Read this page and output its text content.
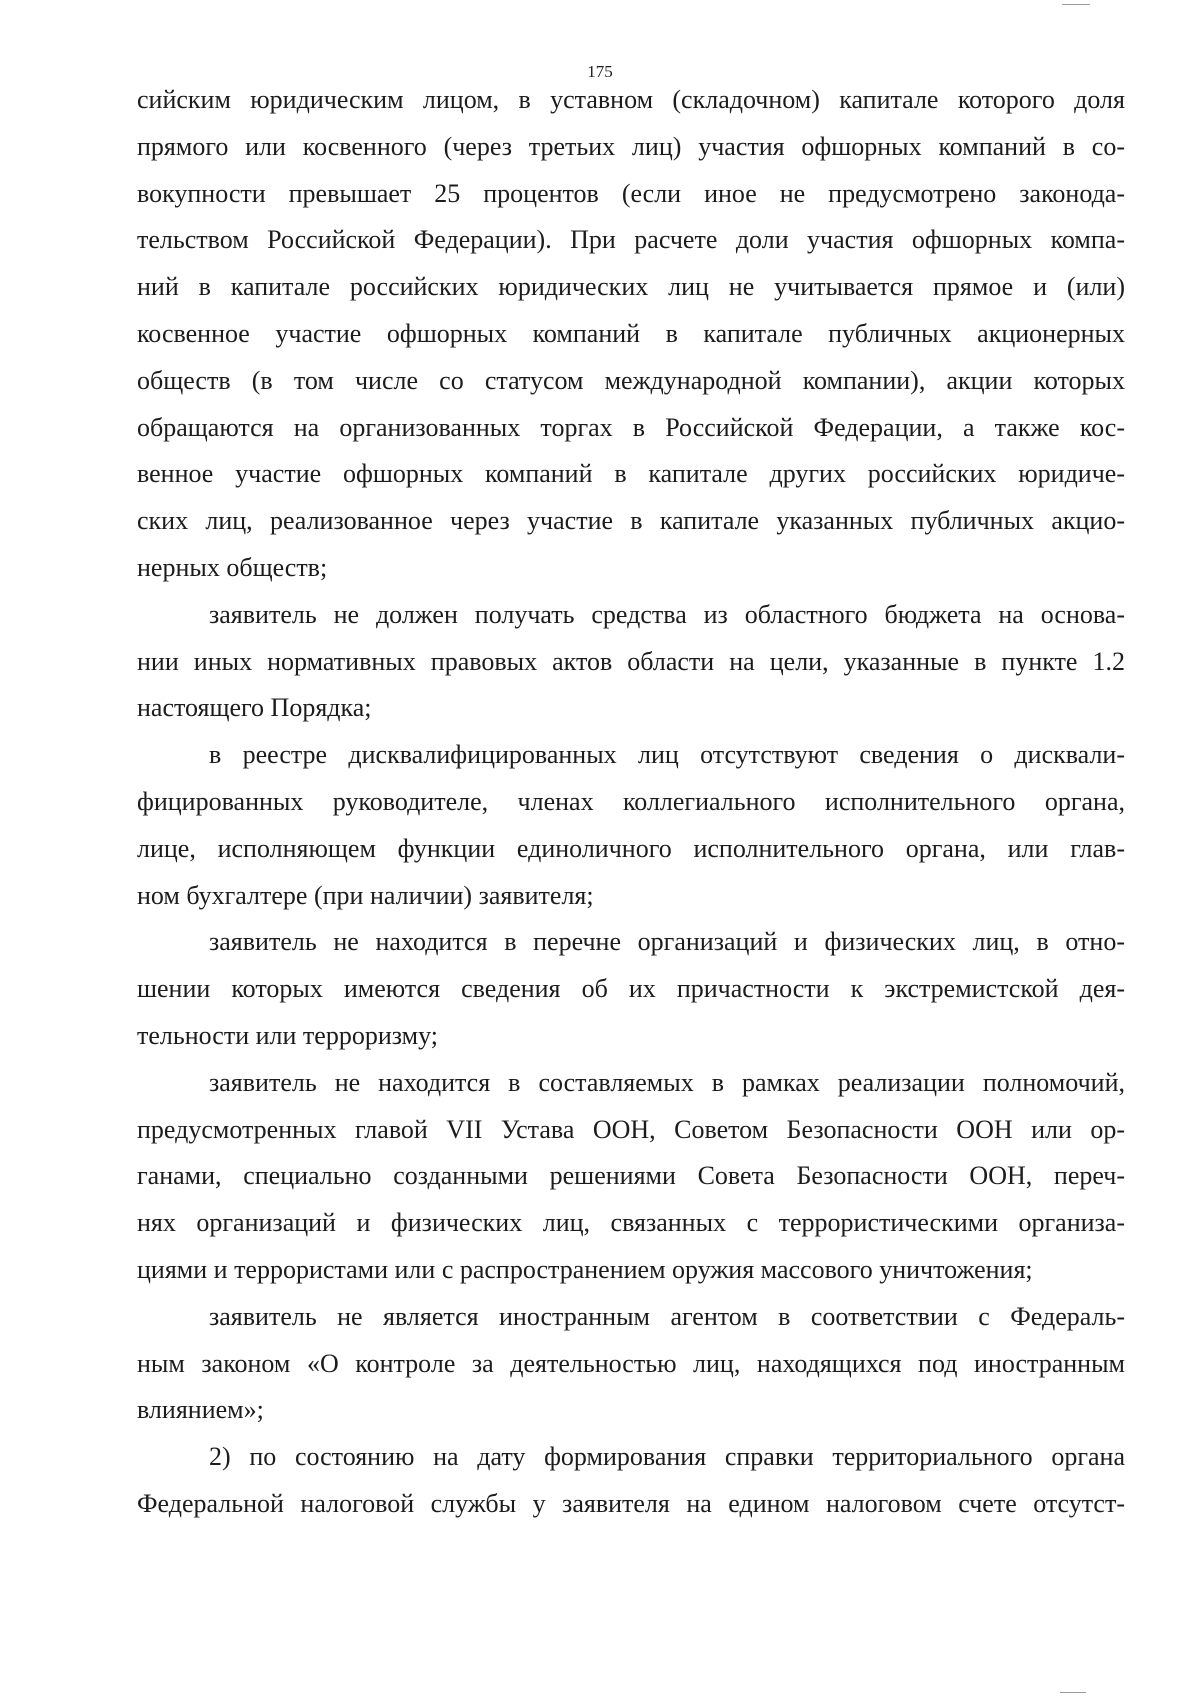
175
сийским юридическим лицом, в уставном (складочном) капитале которого доля
прямого или косвенного (через третьих лиц) участия офшорных компаний в со-
вокупности превышает 25 процентов (если иное не предусмотрено законода-
тельством Российской Федерации). При расчете доли участия офшорных компа-
ний в капитале российских юридических лиц не учитывается прямое и (или)
косвенное участие офшорных компаний в капитале публичных акционерных
обществ (в том числе со статусом международной компании), акции которых
обращаются на организованных торгах в Российской Федерации, а также кос-
венное участие офшорных компаний в капитале других российских юридиче-
ских лиц, реализованное через участие в капитале указанных публичных акцио-
нерных обществ;
заявитель не должен получать средства из областного бюджета на основа-
нии иных нормативных правовых актов области на цели, указанные в пункте 1.2
настоящего Порядка;
в реестре дисквалифицированных лиц отсутствуют сведения о дисквали-
фицированных руководителе, членах коллегиального исполнительного органа,
лице, исполняющем функции единоличного исполнительного органа, или глав-
ном бухгалтере (при наличии) заявителя;
заявитель не находится в перечне организаций и физических лиц, в отно-
шении которых имеются сведения об их причастности к экстремистской дея-
тельности или терроризму;
заявитель не находится в составляемых в рамках реализации полномочий,
предусмотренных главой VII Устава ООН, Советом Безопасности ООН или ор-
ганами, специально созданными решениями Совета Безопасности ООН, переч-
нях организаций и физических лиц, связанных с террористическими организа-
циями и террористами или с распространением оружия массового уничтожения;
заявитель не является иностранным агентом в соответствии с Федераль-
ным законом «О контроле за деятельностью лиц, находящихся под иностранным
влиянием»;
2) по состоянию на дату формирования справки территориального органа
Федеральной налоговой службы у заявителя на едином налоговом счете отсутст-
